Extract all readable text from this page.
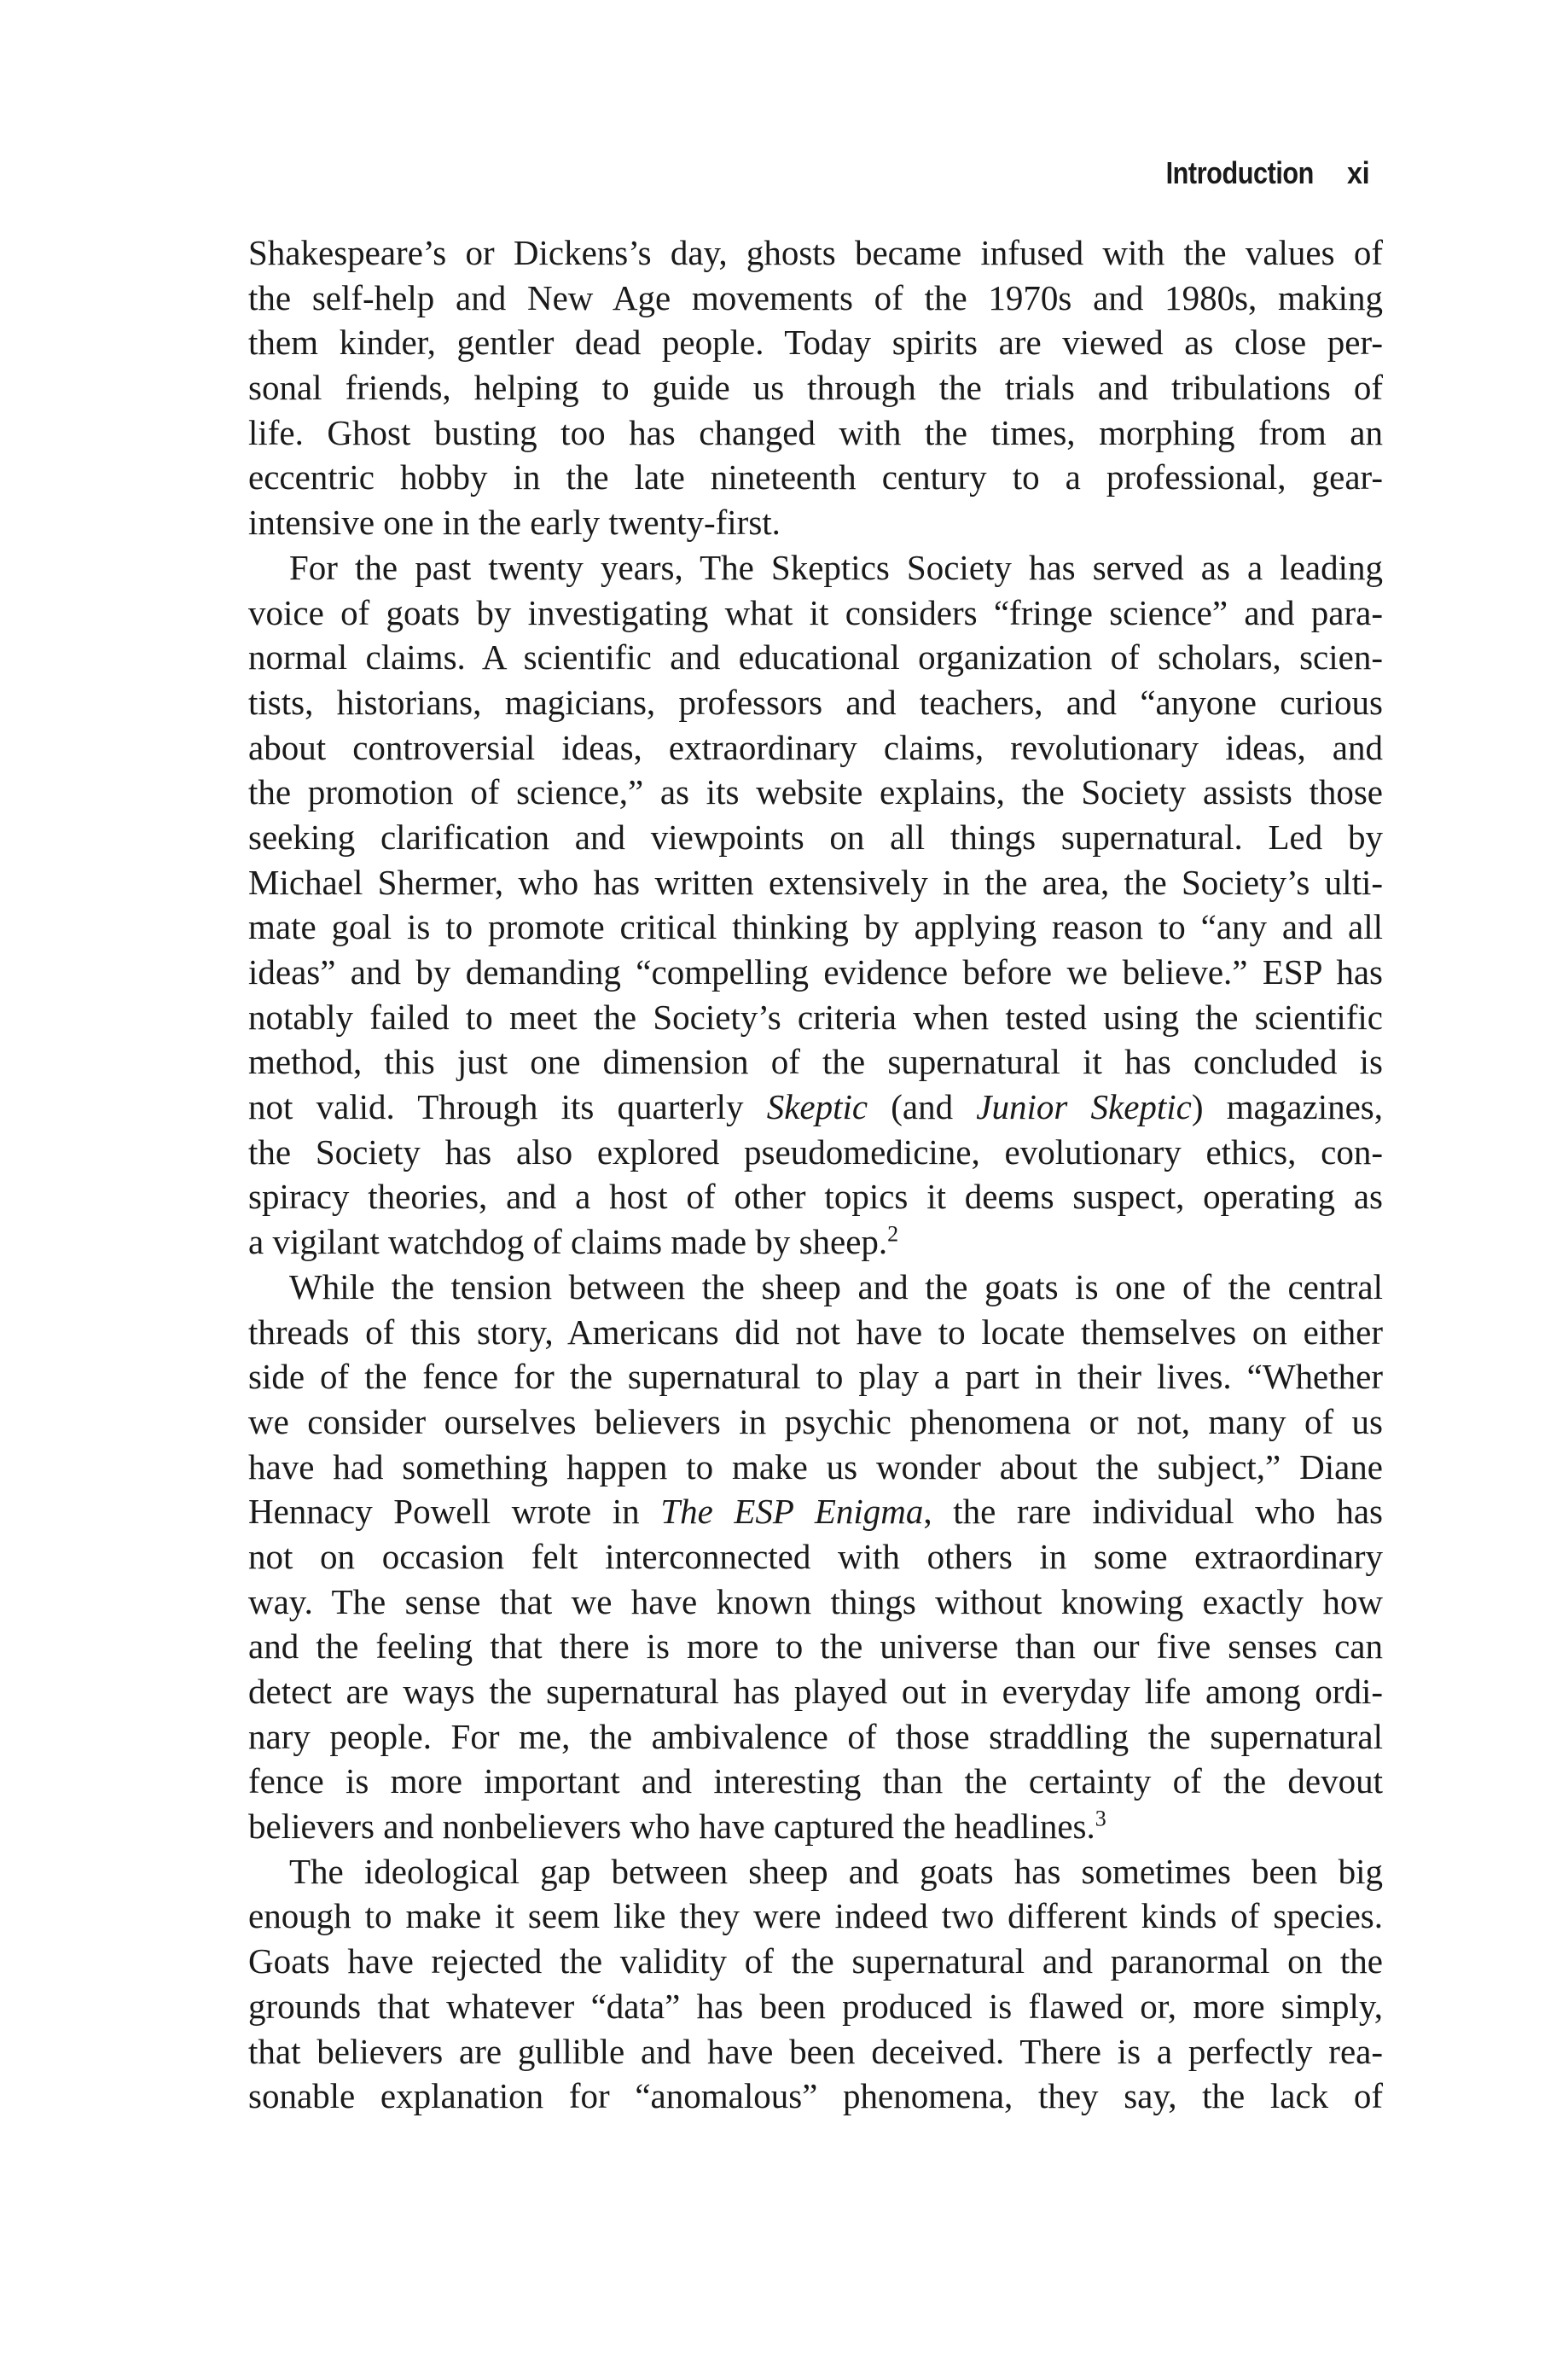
Introduction xi
Shakespeare’s or Dickens’s day, ghosts became infused with the values of
the self-help and New Age movements of the 1970s and 1980s, making
them kinder, gentler dead people. Today spirits are viewed as close per-
sonal friends, helping to guide us through the trials and tribulations of
life. Ghost busting too has changed with the times, morphing from an
eccentric hobby in the late nineteenth century to a professional, gear-
intensive one in the early twenty-first.
For the past twenty years, The Skeptics Society has served as a leading
voice of goats by investigating what it considers “fringe science” and para-
normal claims. A scientific and educational organization of scholars, scien-
tists, historians, magicians, professors and teachers, and “anyone curious
about controversial ideas, extraordinary claims, revolutionary ideas, and
the promotion of science,” as its website explains, the Society assists those
seeking clarification and viewpoints on all things supernatural. Led by
Michael Shermer, who has written extensively in the area, the Society’s ulti-
mate goal is to promote critical thinking by applying reason to “any and all
ideas” and by demanding “compelling evidence before we believe.” ESP has
notably failed to meet the Society’s criteria when tested using the scientific
method, this just one dimension of the supernatural it has concluded is
not valid. Through its quarterly Skeptic (and Junior Skeptic) magazines,
the Society has also explored pseudomedicine, evolutionary ethics, con-
spiracy theories, and a host of other topics it deems suspect, operating as
a vigilant watchdog of claims made by sheep.$^2$
While the tension between the sheep and the goats is one of the central
threads of this story, Americans did not have to locate themselves on either
side of the fence for the supernatural to play a part in their lives. “Whether
we consider ourselves believers in psychic phenomena or not, many of us
have had something happen to make us wonder about the subject,” Diane
Hennacy Powell wrote in The ESP Enigma, the rare individual who has
not on occasion felt interconnected with others in some extraordinary
way. The sense that we have known things without knowing exactly how
and the feeling that there is more to the universe than our five senses can
detect are ways the supernatural has played out in everyday life among ordi-
nary people. For me, the ambivalence of those straddling the supernatural
fence is more important and interesting than the certainty of the devout
believers and nonbelievers who have captured the headlines.$^3$
The ideological gap between sheep and goats has sometimes been big
enough to make it seem like they were indeed two different kinds of species.
Goats have rejected the validity of the supernatural and paranormal on the
grounds that whatever “data” has been produced is flawed or, more simply,
that believers are gullible and have been deceived. There is a perfectly rea-
sonable explanation for “anomalous” phenomena, they say, the lack of
